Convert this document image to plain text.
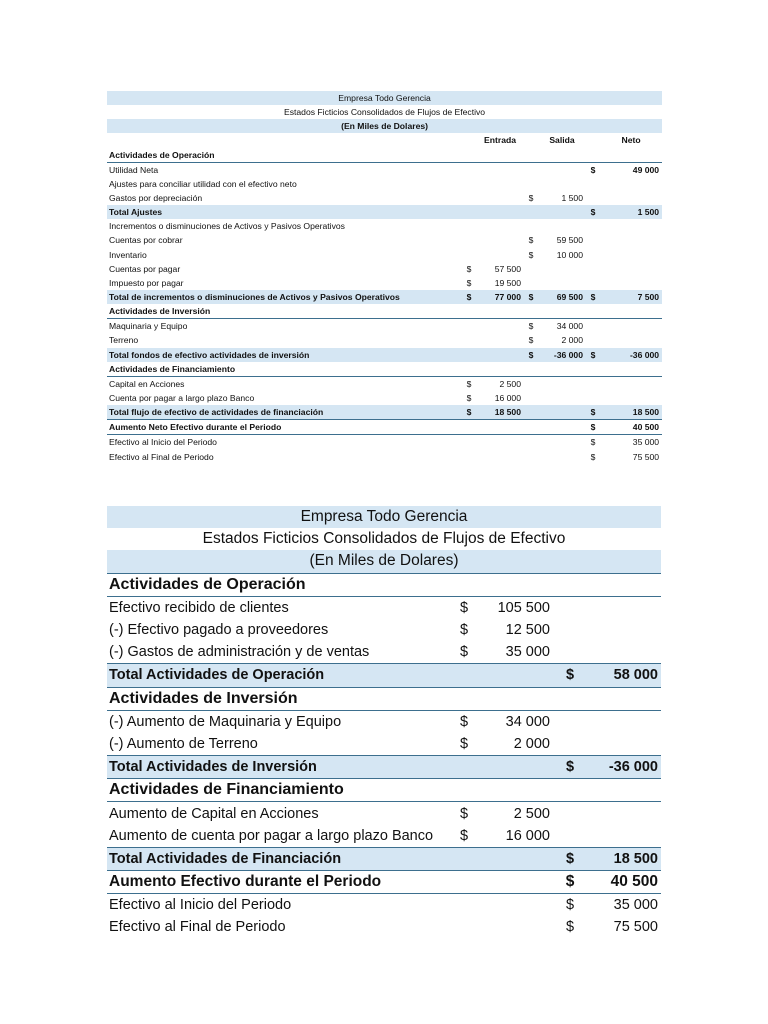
Empresa Todo Gerencia						
Estados Ficticios Consolidados de Flujos de Efectivo						
(En Miles de Dolares)						
		Entrada		Salida		Neto
Actividades de Operación						
Utilidad Neta					$	49 000
Ajustes para conciliar utilidad con el efectivo neto						
Gastos por depreciación			$	1 500		
Total Ajustes					$	1 500
Incrementos o disminuciones de Activos y Pasivos Operativos						
Cuentas por cobrar			$	59 500		
Inventario			$	10 000		
Cuentas por pagar	$	57 500				
Impuesto por pagar	$	19 500				
Total de incrementos o disminuciones de Activos y Pasivos Operativos	$	77 000	$	69 500	$	7 500
Actividades de Inversión						
Maquinaria y Equipo			$	34 000		
Terreno			$	2 000		
Total fondos de efectivo actividades de inversión			$	-36 000	$	-36 000
Actividades de Financiamiento						
Capital en Acciones	$	2 500				
Cuenta por pagar a largo plazo Banco	$	16 000				
Total flujo de efectivo de actividades de financiación	$	18 500			$	18 500
Aumento Neto Efectivo durante el Periodo					$	40 500
Efectivo al Inicio del Periodo					$	35 000
Efectivo al Final de Periodo					$	75 500
Empresa Todo Gerencia				
Estados Ficticios Consolidados de Flujos de Efectivo				
(En Miles de Dolares)				
Actividades de Operación				
Efectivo recibido de clientes	$	105 500		
(-) Efectivo pagado a proveedores	$	12 500		
(-) Gastos de administración y de ventas	$	35 000		
Total Actividades de Operación			$	58 000
Actividades de Inversión				
(-) Aumento de Maquinaria y Equipo	$	34 000		
(-) Aumento de Terreno	$	2 000		
Total Actividades de Inversión			$	-36 000
Actividades de Financiamiento				
Aumento de Capital en Acciones	$	2 500		
Aumento de cuenta por pagar a largo plazo Banco	$	16 000		
Total Actividades de Financiación			$	18 500
Aumento Efectivo durante el Periodo			$	40 500
Efectivo al Inicio del Periodo			$	35 000
Efectivo al Final de Periodo			$	75 500
